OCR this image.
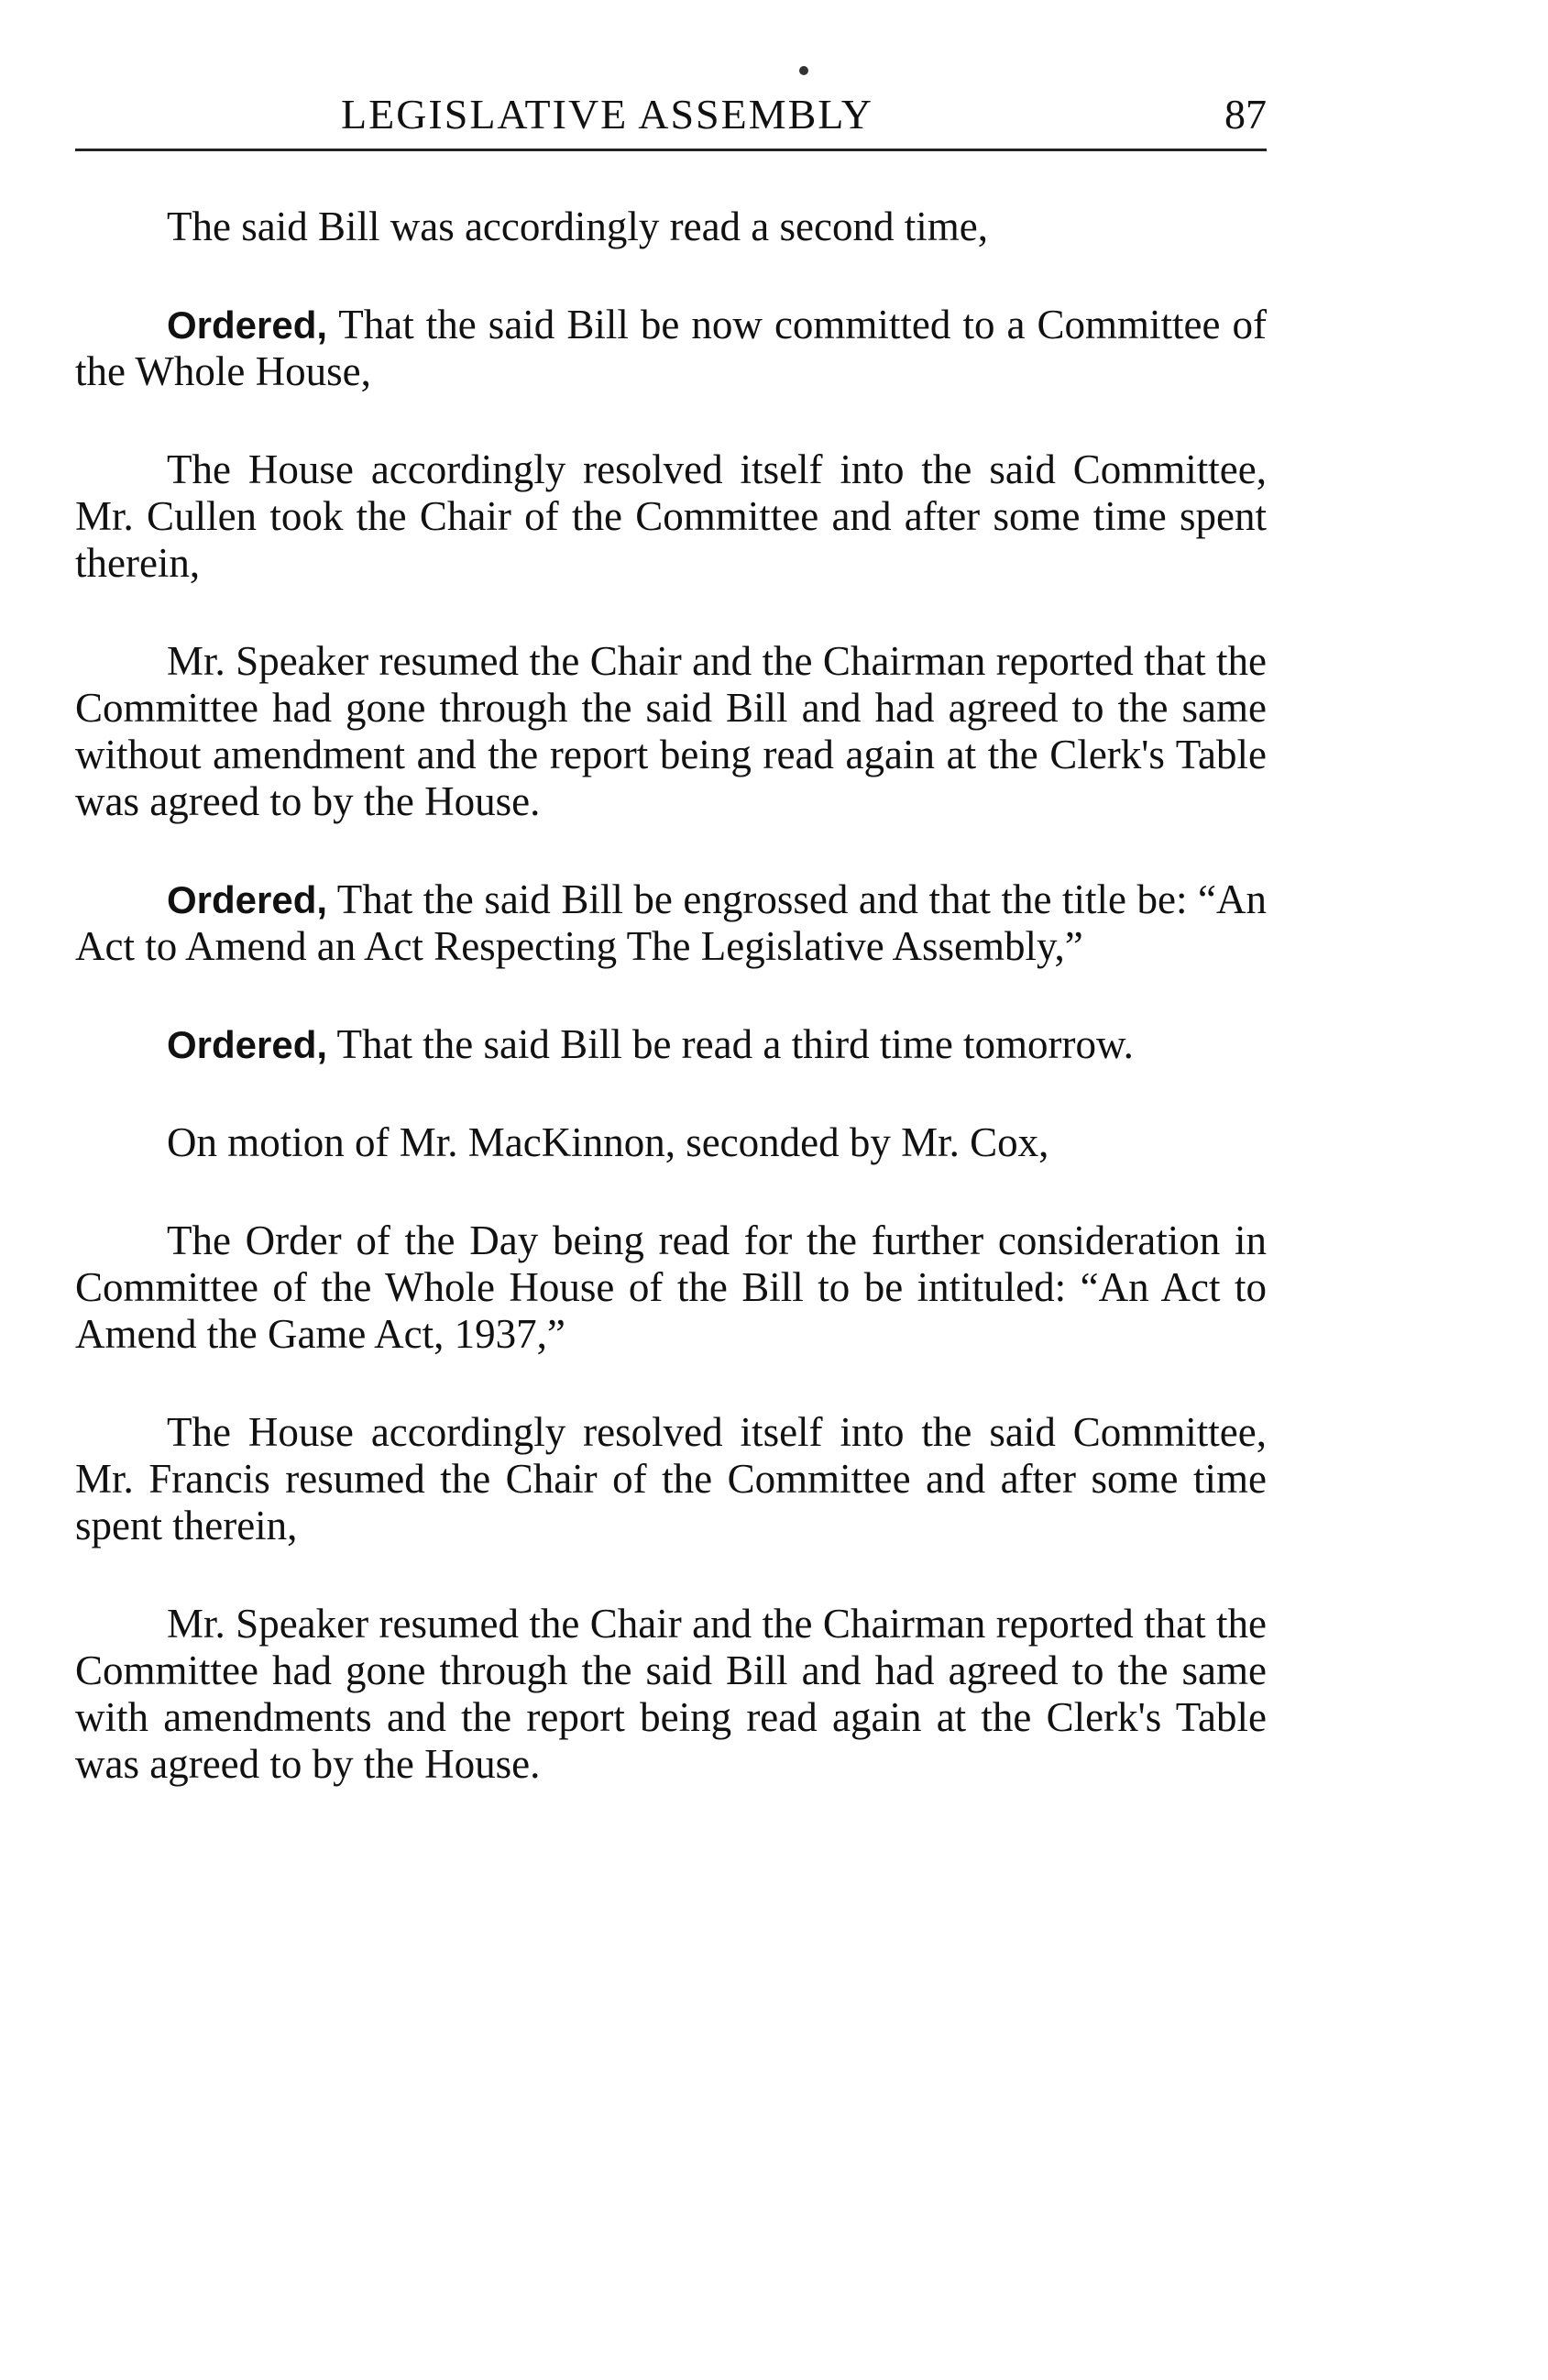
LEGISLATIVE ASSEMBLY	87

The said Bill was accordingly read a second time,

Ordered, That the said Bill be now committed to a Committee of the Whole House,

The House accordingly resolved itself into the said Committee, Mr. Cullen took the Chair of the Committee and after some time spent therein,

Mr. Speaker resumed the Chair and the Chairman reported that the Committee had gone through the said Bill and had agreed to the same without amendment and the report being read again at the Clerk's Table was agreed to by the House.

Ordered, That the said Bill be engrossed and that the title be: “An Act to Amend an Act Respecting The Legislative Assembly,”

Ordered, That the said Bill be read a third time tomorrow.

On motion of Mr. MacKinnon, seconded by Mr. Cox,

The Order of the Day being read for the further consideration in Committee of the Whole House of the Bill to be intituled: “An Act to Amend the Game Act, 1937,”

The House accordingly resolved itself into the said Committee, Mr. Francis resumed the Chair of the Committee and after some time spent therein,

Mr. Speaker resumed the Chair and the Chairman reported that the Committee had gone through the said Bill and had agreed to the same with amendments and the report being read again at the Clerk's Table was agreed to by the House.
